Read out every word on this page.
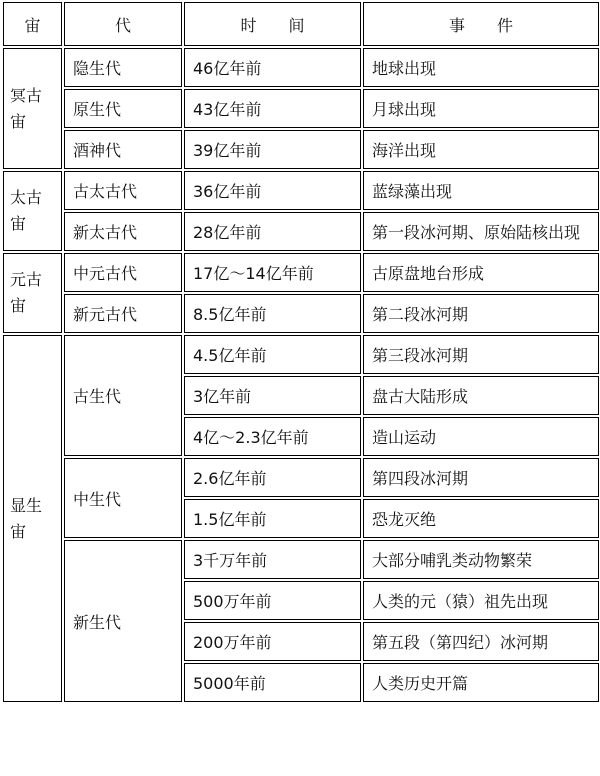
宙	代	时　　间	事　　件
冥古宙	隐生代	46亿年前	地球出现
	原生代	43亿年前	月球出现
	酒神代	39亿年前	海洋出现
太古宙	古太古代	36亿年前	蓝绿藻出现
	新太古代	28亿年前	第一段冰河期、原始陆核出现
元古宙	中元古代	17亿～14亿年前	古原盘地台形成
	新元古代	8.5亿年前	第二段冰河期
显生宙	古生代	4.5亿年前	第三段冰河期
		3亿年前	盘古大陆形成
		4亿～2.3亿年前	造山运动
	中生代	2.6亿年前	第四段冰河期
		1.5亿年前	恐龙灭绝
	新生代	3千万年前	大部分哺乳类动物繁荣
		500万年前	人类的元（猿）祖先出现
		200万年前	第五段（第四纪）冰河期
		5000年前	人类历史开篇
